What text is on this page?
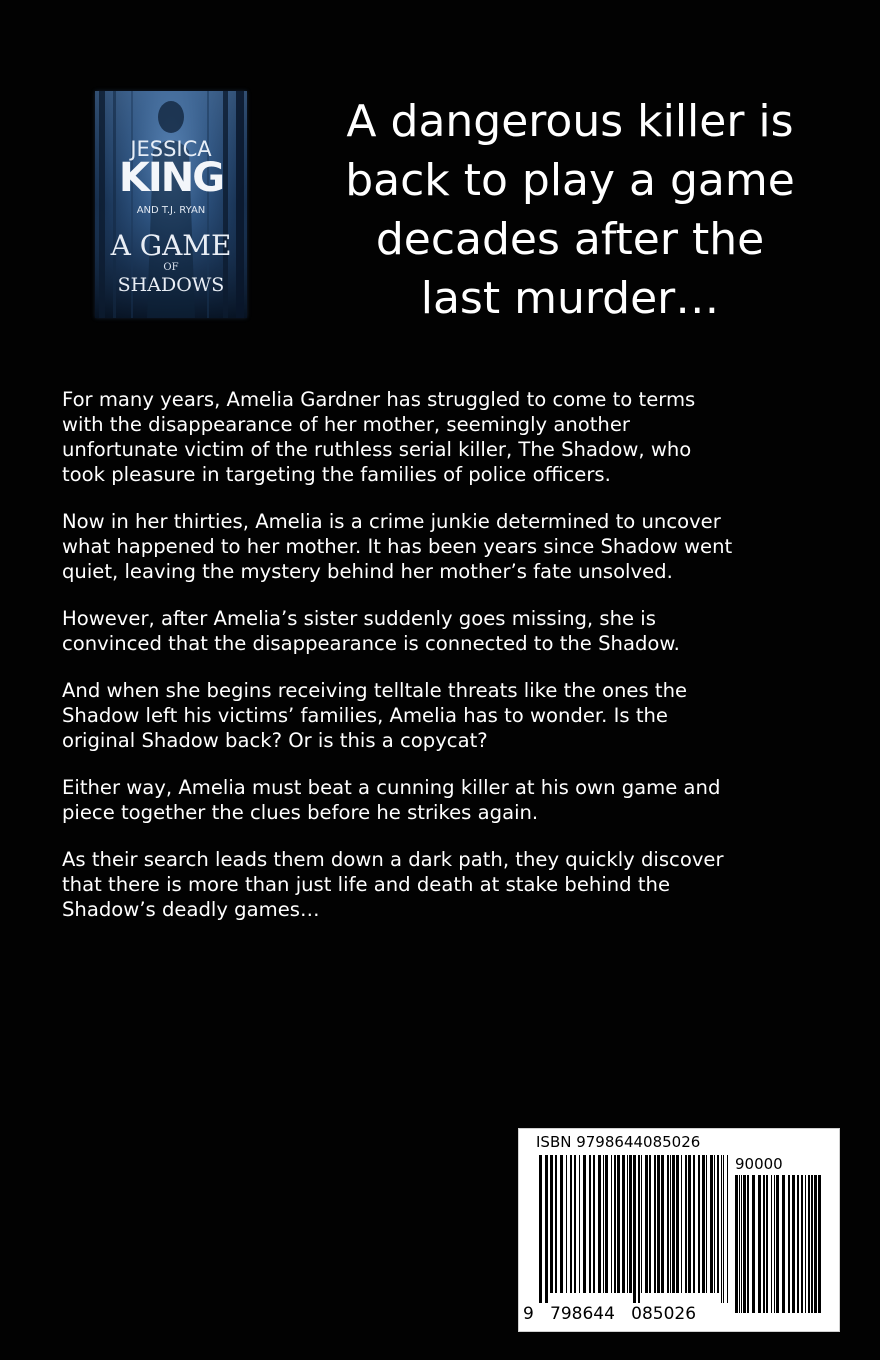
JESSICA
KING
AND T.J. RYAN
A GAME
OF
SHADOWS
A dangerous killer is
back to play a game
decades after the
last murder…
For many years, Amelia Gardner has struggled to come to terms
with the disappearance of her mother, seemingly another
unfortunate victim of the ruthless serial killer, The Shadow, who
took pleasure in targeting the families of police officers.
Now in her thirties, Amelia is a crime junkie determined to uncover
what happened to her mother. It has been years since Shadow went
quiet, leaving the mystery behind her mother’s fate unsolved.
However, after Amelia’s sister suddenly goes missing, she is
convinced that the disappearance is connected to the Shadow.
And when she begins receiving telltale threats like the ones the
Shadow left his victims’ families, Amelia has to wonder. Is the
original Shadow back? Or is this a copycat?
Either way, Amelia must beat a cunning killer at his own game and
piece together the clues before he strikes again.
As their search leads them down a dark path, they quickly discover
that there is more than just life and death at stake behind the
Shadow’s deadly games…
ISBN 9798644085026
90000
9   798644   085026
